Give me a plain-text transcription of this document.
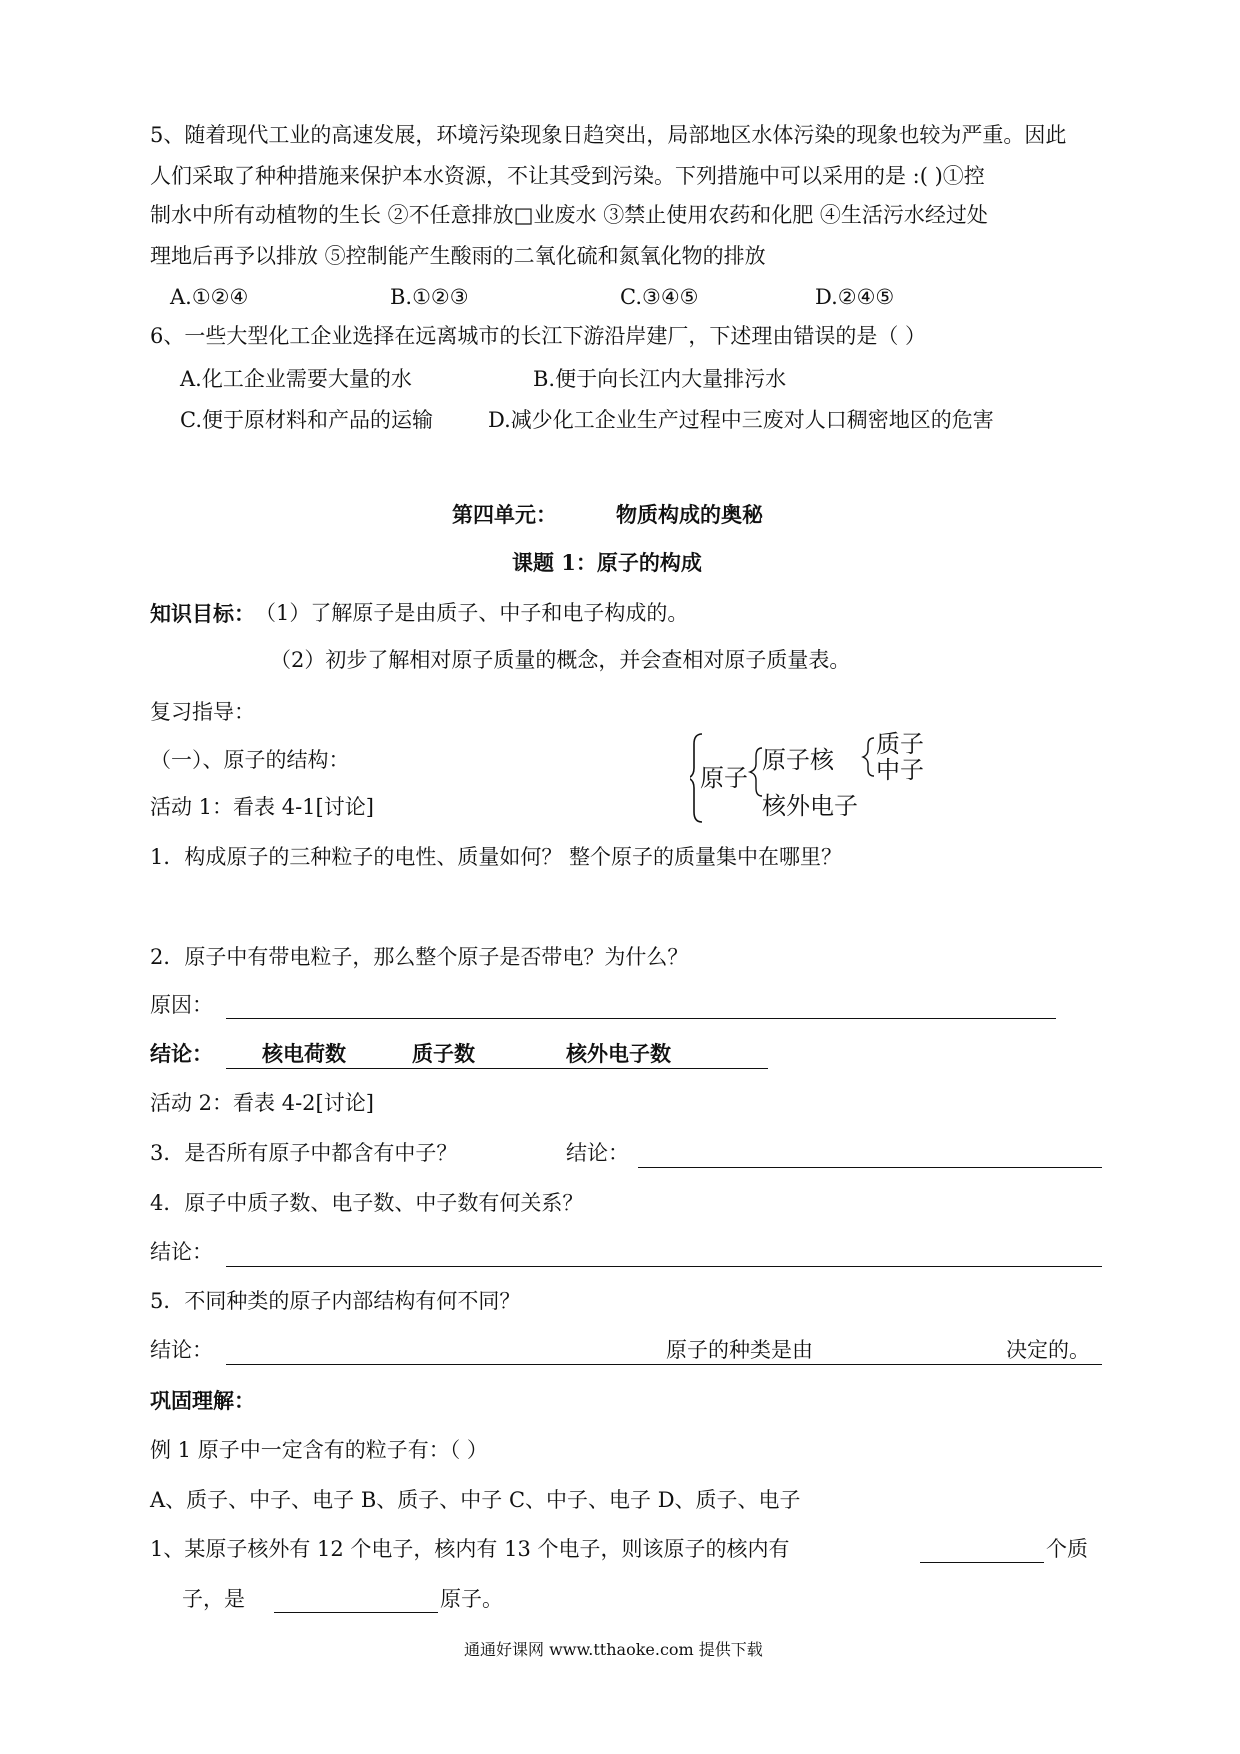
5、随着现代工业的高速发展，环境污染现象日趋突出，局部地区水体污染的现象也较为严重。因此
人们采取了种种措施来保护本水资源，不让其受到污染。下列措施中可以采用的是 :( )①控
制水中所有动植物的生长 ②不任意排放□业废水 ③禁止使用农药和化肥 ④生活污水经过处
理地后再予以排放 ⑤控制能产生酸雨的二氧化硫和氮氧化物的排放
A.①②④	B.①②③	C.③④⑤	D.②④⑤
6、一些大型化工企业选择在远离城市的长江下游沿岸建厂，下述理由错误的是（ ）
A.化工企业需要大量的水	B.便于向长江内大量排污水
C.便于原材料和产品的运输	D.减少化工企业生产过程中三废对人口稠密地区的危害
第四单元：	物质构成的奥秘
课题 1：原子的构成
知识目标： （1）了解原子是由质子、中子和电子构成的。
（2）初步了解相对原子质量的概念，并会查相对原子质量表。
复习指导：
（一）、原子的结构：
活动 1：看表 4-1[讨论]
原子
原子核
质子
中子
核外电子
1．构成原子的三种粒子的电性、质量如何？ 整个原子的质量集中在哪里？
2．原子中有带电粒子，那么整个原子是否带电？为什么？
原因：
结论： 核电荷数	质子数	核外电子数
活动 2：看表 4-2[讨论]
3．是否所有原子中都含有中子？	结论：
4．原子中质子数、电子数、中子数有何关系？
结论：
5．不同种类的原子内部结构有何不同？
结论：	原子的种类是由	决定的。
巩固理解：
例 1 原子中一定含有的粒子有：（ ）
A、质子、中子、电子 B、质子、中子 C、中子、电子 D、质子、电子
1、某原子核外有 12 个电子，核内有 13 个电子，则该原子的核内有	个质
子，是	原子。
通通好课网 www.tthaoke.com 提供下载
